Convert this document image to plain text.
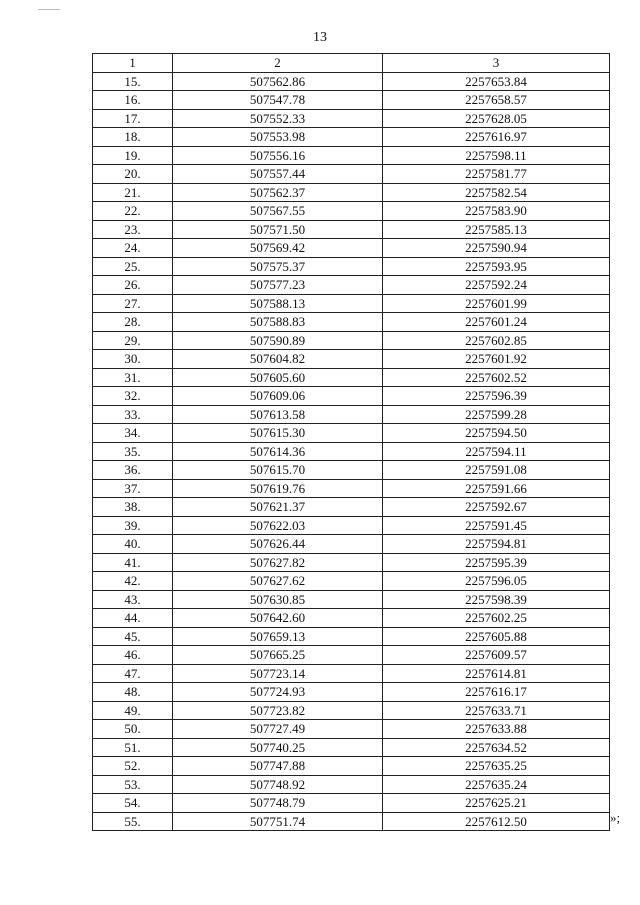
13
1	2	3
15.	507562.86	2257653.84
16.	507547.78	2257658.57
17.	507552.33	2257628.05
18.	507553.98	2257616.97
19.	507556.16	2257598.11
20.	507557.44	2257581.77
21.	507562.37	2257582.54
22.	507567.55	2257583.90
23.	507571.50	2257585.13
24.	507569.42	2257590.94
25.	507575.37	2257593.95
26.	507577.23	2257592.24
27.	507588.13	2257601.99
28.	507588.83	2257601.24
29.	507590.89	2257602.85
30.	507604.82	2257601.92
31.	507605.60	2257602.52
32.	507609.06	2257596.39
33.	507613.58	2257599.28
34.	507615.30	2257594.50
35.	507614.36	2257594.11
36.	507615.70	2257591.08
37.	507619.76	2257591.66
38.	507621.37	2257592.67
39.	507622.03	2257591.45
40.	507626.44	2257594.81
41.	507627.82	2257595.39
42.	507627.62	2257596.05
43.	507630.85	2257598.39
44.	507642.60	2257602.25
45.	507659.13	2257605.88
46.	507665.25	2257609.57
47.	507723.14	2257614.81
48.	507724.93	2257616.17
49.	507723.82	2257633.71
50.	507727.49	2257633.88
51.	507740.25	2257634.52
52.	507747.88	2257635.25
53.	507748.92	2257635.24
54.	507748.79	2257625.21
55.	507751.74	2257612.50	»;
